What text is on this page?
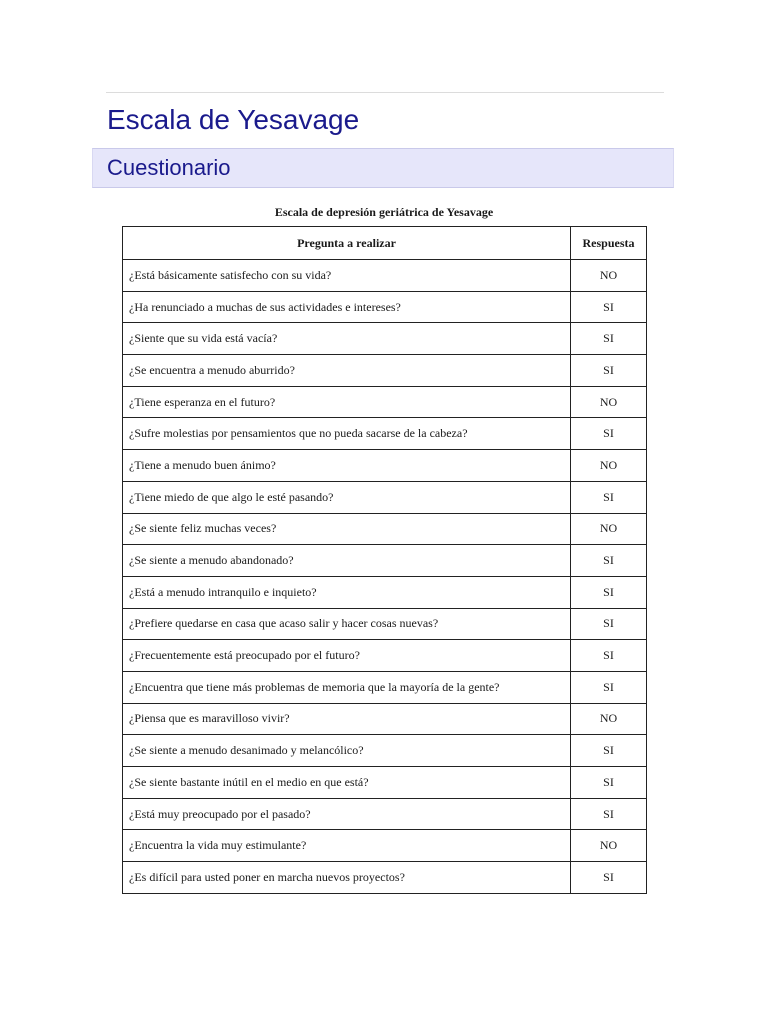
Escala de Yesavage
Cuestionario
Escala de depresión geriátrica de Yesavage
Pregunta a realizar	Respuesta
¿Está básicamente satisfecho con su vida?	NO
¿Ha renunciado a muchas de sus actividades e intereses?	SI
¿Siente que su vida está vacía?	SI
¿Se encuentra a menudo aburrido?	SI
¿Tiene esperanza en el futuro?	NO
¿Sufre molestias por pensamientos que no pueda sacarse de la cabeza?	SI
¿Tiene a menudo buen ánimo?	NO
¿Tiene miedo de que algo le esté pasando?	SI
¿Se siente feliz muchas veces?	NO
¿Se siente a menudo abandonado?	SI
¿Está a menudo intranquilo e inquieto?	SI
¿Prefiere quedarse en casa que acaso salir y hacer cosas nuevas?	SI
¿Frecuentemente está preocupado por el futuro?	SI
¿Encuentra que tiene más problemas de memoria que la mayoría de la gente?	SI
¿Piensa que es maravilloso vivir?	NO
¿Se siente a menudo desanimado y melancólico?	SI
¿Se siente bastante inútil en el medio en que está?	SI
¿Está muy preocupado por el pasado?	SI
¿Encuentra la vida muy estimulante?	NO
¿Es difícil para usted poner en marcha nuevos proyectos?	SI
